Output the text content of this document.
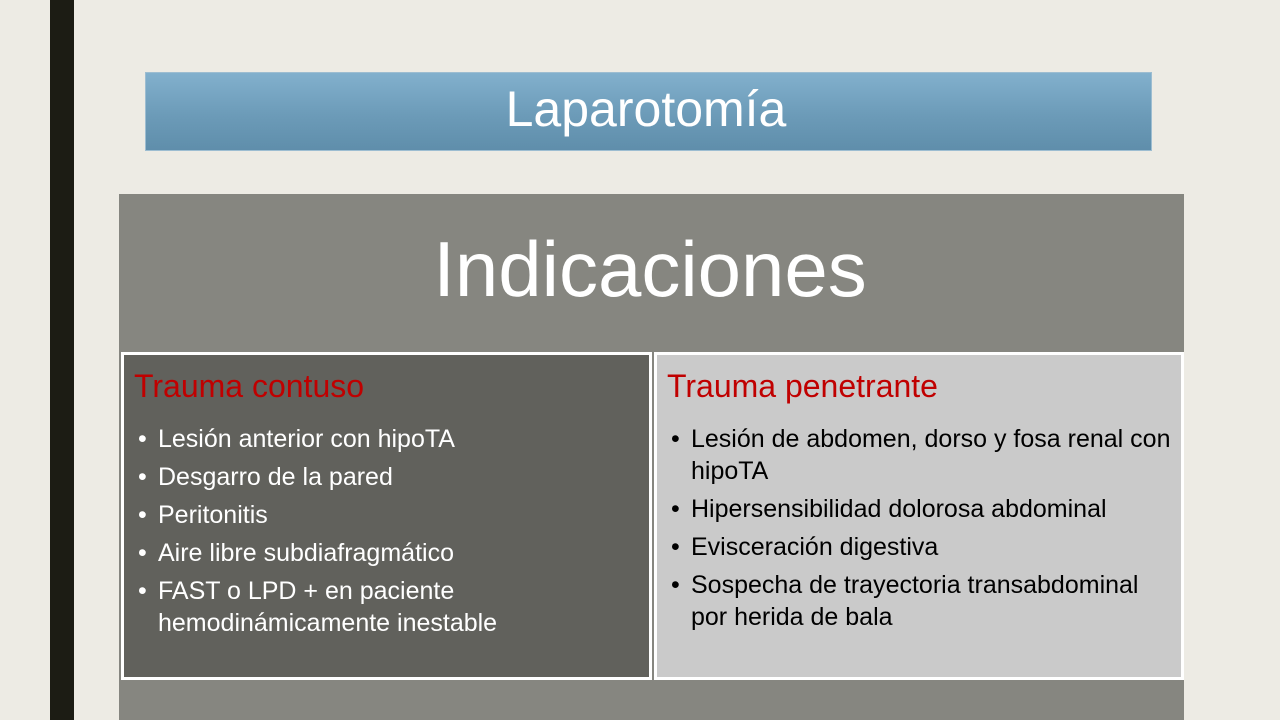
Laparotomía
Indicaciones
Trauma contuso
• Lesión anterior con hipoTA
• Desgarro de la pared
• Peritonitis
• Aire libre subdiafragmático
• FAST o LPD + en paciente hemodinámicamente inestable
Trauma penetrante
• Lesión de abdomen, dorso y fosa renal con hipoTA
• Hipersensibilidad dolorosa abdominal
• Evisceración digestiva
• Sospecha de trayectoria transabdominal por herida de bala
